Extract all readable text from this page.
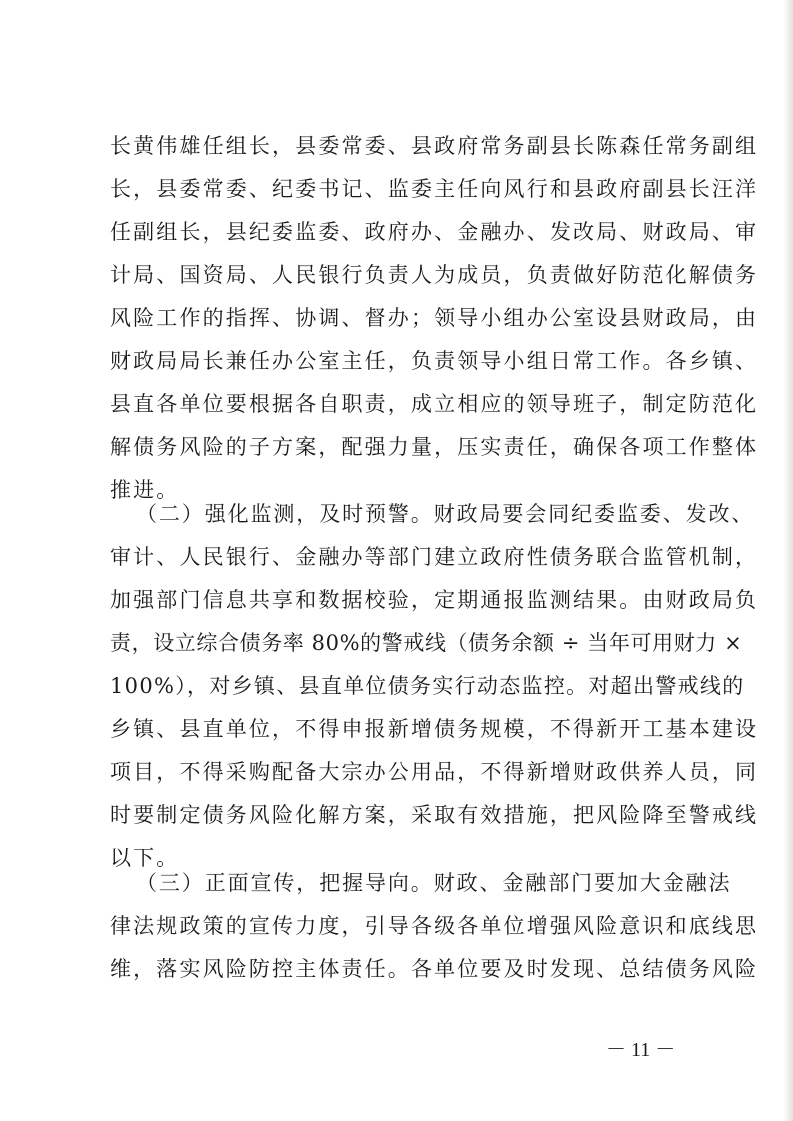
长黄伟雄任组长，县委常委、县政府常务副县长陈森任常务副组
长，县委常委、纪委书记、监委主任向风行和县政府副县长汪洋
任副组长，县纪委监委、政府办、金融办、发改局、财政局、审
计局、国资局、人民银行负责人为成员，负责做好防范化解债务
风险工作的指挥、协调、督办；领导小组办公室设县财政局，由
财政局局长兼任办公室主任，负责领导小组日常工作。各乡镇、
县直各单位要根据各自职责，成立相应的领导班子，制定防范化
解债务风险的子方案，配强力量，压实责任，确保各项工作整体
推进。
（二）强化监测，及时预警。财政局要会同纪委监委、发改、
审计、人民银行、金融办等部门建立政府性债务联合监管机制，
加强部门信息共享和数据校验，定期通报监测结果。由财政局负
责，设立综合债务率 80%的警戒线（债务余额 ÷ 当年可用财力 ×
100%），对乡镇、县直单位债务实行动态监控。对超出警戒线的
乡镇、县直单位，不得申报新增债务规模，不得新开工基本建设
项目，不得采购配备大宗办公用品，不得新增财政供养人员，同
时要制定债务风险化解方案，采取有效措施，把风险降至警戒线
以下。
（三）正面宣传，把握导向。财政、金融部门要加大金融法
律法规政策的宣传力度，引导各级各单位增强风险意识和底线思
维，落实风险防控主体责任。各单位要及时发现、总结债务风险
－ 11 －
